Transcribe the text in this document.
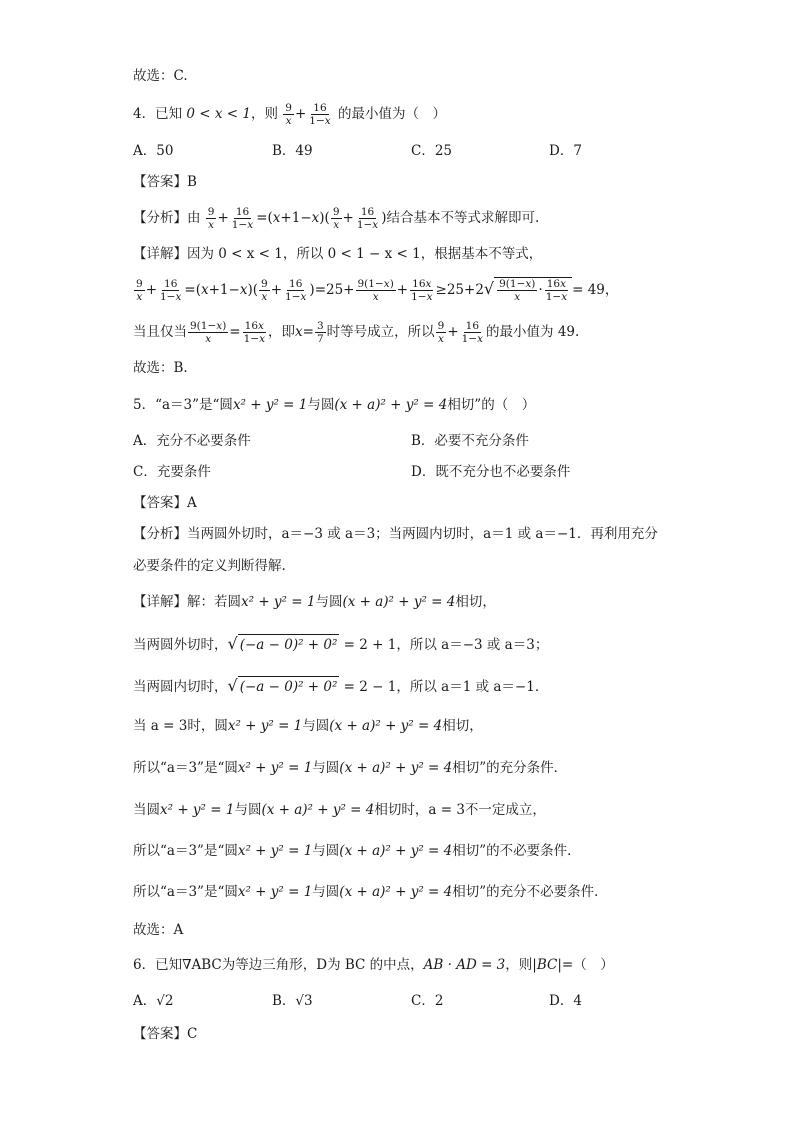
故选：C.
4．已知 0 < x < 1，则 $\frac{9}{x} + \frac{16}{1-x}$ 的最小值为（　）
A．50	B．49	C．25	D．7
【答案】B
【分析】由 $\frac{9}{x} + \frac{16}{1-x} =(x+1-x)( \frac{9}{x} + \frac{16}{1-x}$ )结合基本不等式求解即可.
【详解】因为 0 < x < 1，所以 0 < 1 − x < 1，根据基本不等式，
$\frac{9}{x} + \frac{16}{1-x} =(x+1-x)( \frac{9}{x} + \frac{16}{1-x} )=25+ \frac{9(1-x)}{x} + \frac{16x}{1-x} \ge 25+2√ \frac{9(1-x)}{x} \cdot \frac{16x}{1-x} = 49$，
当且仅当 $\frac{9(1-x)}{x} = \frac{16x}{1-x}$ ，即$x= \frac{3}{7}$ 时等号成立，所以 $\frac{9}{x} + \frac{16}{1-x}$ 的最小值为 49.
故选：B.
5．“a＝3”是“圆x² + y² = 1与圆(x + a)² + y² = 4相切”的（　）
A．充分不必要条件	B．必要不充分条件
C．充要条件	D．既不充分也不必要条件
【答案】A
【分析】当两圆外切时，a＝−3 或 a＝3；当两圆内切时，a＝1 或 a＝−1．再利用充分
必要条件的定义判断得解.
【详解】解：若圆x² + y² = 1与圆(x + a)² + y² = 4相切，
当两圆外切时，√ (−a − 0)² + 0² = 2 + 1，所以 a＝−3 或 a＝3；
当两圆内切时，√ (−a − 0)² + 0² = 2 − 1，所以 a＝1 或 a＝−1．
当 a = 3时，圆x² + y² = 1与圆(x + a)² + y² = 4相切，
所以“a＝3”是“圆x² + y² = 1与圆(x + a)² + y² = 4相切”的充分条件．
当圆x² + y² = 1与圆(x + a)² + y² = 4相切时，a = 3不一定成立，
所以“a＝3”是“圆x² + y² = 1与圆(x + a)² + y² = 4相切”的不必要条件．
所以“a＝3”是“圆x² + y² = 1与圆(x + a)² + y² = 4相切”的充分不必要条件．
故选：A
6．已知∇ABC为等边三角形，D为 BC 的中点，AB · AD = 3，则|BC|=（　）
A．√2	B．√3	C．2	D．4
【答案】C
